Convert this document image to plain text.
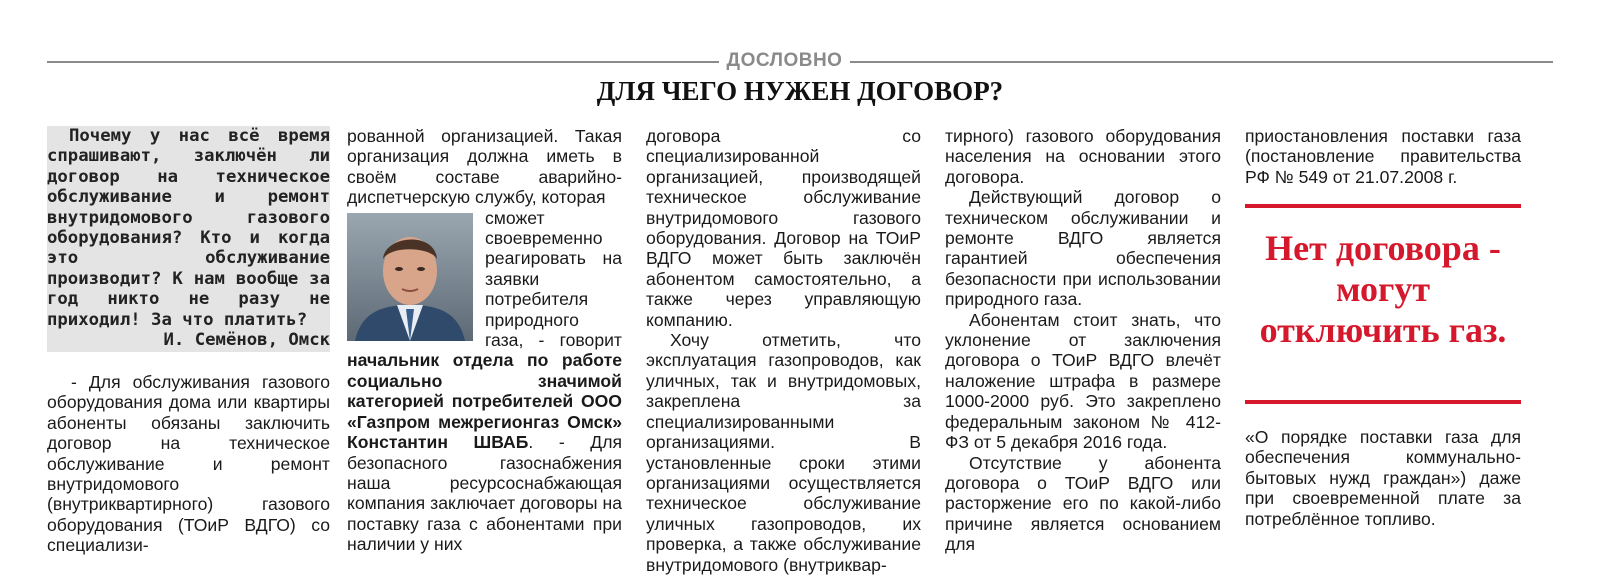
ДОСЛОВНО
ДЛЯ ЧЕГО НУЖЕН ДОГОВОР?

Почему у нас всё время спрашивают, заключён ли договор на техническое обслуживание и ремонт внутридомового газового оборудования? Кто и когда это обслуживание производит? К нам вообще за год никто не разу не приходил! За что платить?

И. Семёнов, Омск

- Для обслуживания газового оборудования дома или квартиры абоненты обязаны заключить договор на техническое обслуживание и ремонт внутридомового (внутриквартирного) газового оборудования (ТОиР ВДГО) со специализи-

рованной организацией. Такая организация должна иметь в своём составе аварийно-диспетчерскую службу, которая

сможет своевременно реагировать на заявки потребителя природного газа, - говорит начальник отдела по работе социально значимой категорией потребителей ООО «Газпром межрегионгаз Омск» Константин ШВАБ. - Для безопасного газоснабжения наша ресурсоснабжающая компания заключает договоры на поставку газа с абонентами при наличии у них

договора со специализированной организацией, производящей техническое обслуживание внутридомового газового оборудования. Договор на ТОиР ВДГО может быть заключён абонентом самостоятельно, а также через управляющую компанию.

Хочу отметить, что эксплуатация газопроводов, как уличных, так и внутридомовых, закреплена за специализированными организациями. В установленные сроки этими организациями осуществляется техническое обслуживание уличных газопроводов, их проверка, а также обслуживание внутридомового (внутриквар-

тирного) газового оборудования населения на основании этого договора.

Действующий договор о техническом обслуживании и ремонте ВДГО является гарантией обеспечения безопасности при использовании природного газа.

Абонентам стоит знать, что уклонение от заключения договора о ТОиР ВДГО влечёт наложение штрафа в размере 1000-2000 руб. Это закреплено федеральным законом № 412-ФЗ от 5 декабря 2016 года.

Отсутствие у абонента договора о ТОиР ВДГО или расторжение его по какой-либо причине является основанием для

приостановления поставки газа (постановление правительства РФ № 549 от 21.07.2008 г.

Нет договора - могут отключить газ.

«О порядке поставки газа для обеспечения коммунально-бытовых нужд граждан») даже при своевременной плате за потреблённое топливо.
